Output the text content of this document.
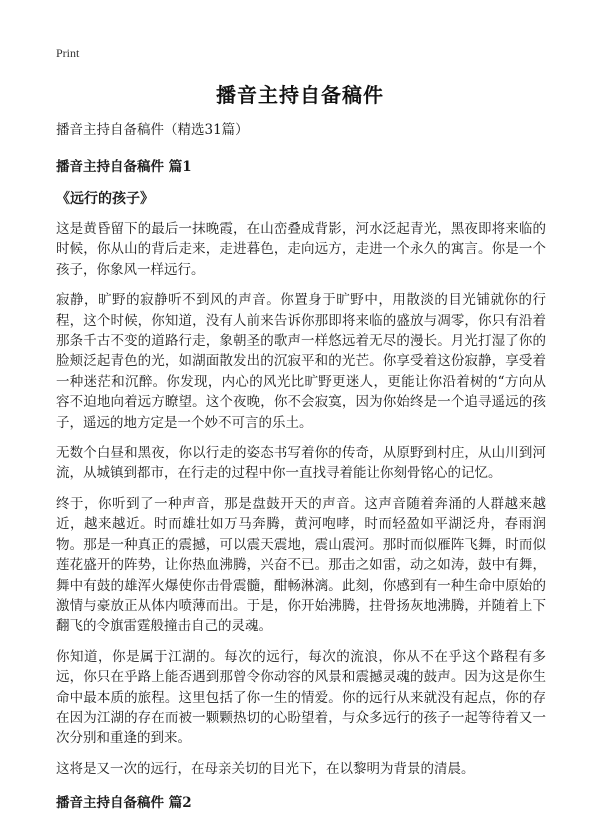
Print
播音主持自备稿件
播音主持自备稿件（精选31篇）
播音主持自备稿件 篇1
《远行的孩子》

这是黄昏留下的最后一抹晚霞，在山峦叠成背影，河水泛起青光，黑夜即将来临的时候，你从山的背后走来，走进暮色，走向远方，走进一个永久的寓言。你是一个孩子，你象风一样远行。

寂静，旷野的寂静听不到风的声音。你置身于旷野中，用散淡的目光铺就你的行程，这个时候，你知道，没有人前来告诉你那即将来临的盛放与凋零，你只有沿着那条千古不变的道路行走，象朝圣的歌声一样悠远着无尽的漫长。月光打湿了你的脸颊泛起青色的光，如湖面散发出的沉寂平和的光芒。你享受着这份寂静，享受着一种迷茫和沉醉。你发现，内心的风光比旷野更迷人，更能让你沿着树的“方向从容不迫地向着远方瞭望。这个夜晚，你不会寂寞，因为你始终是一个追寻遥远的孩子，遥远的地方定是一个妙不可言的乐土。

无数个白昼和黑夜，你以行走的姿态书写着你的传奇，从原野到村庄，从山川到河流，从城镇到都市，在行走的过程中你一直找寻着能让你刻骨铭心的记忆。

终于，你听到了一种声音，那是盘鼓开天的声音。这声音随着奔涌的人群越来越近，越来越近。时而雄壮如万马奔腾，黄河咆哮，时而轻盈如平湖泛舟，春雨润物。那是一种真正的震撼，可以震天震地，震山震河。那时而似雁阵飞舞，时而似莲花盛开的阵势，让你热血沸腾，兴奋不已。那击之如雷，动之如涛，鼓中有舞，舞中有鼓的雄浑火爆使你击骨震髓，酣畅淋漓。此刻，你感到有一种生命中原始的激情与豪放正从体内喷薄而出。于是，你开始沸腾，拄骨扬灰地沸腾，并随着上下翻飞的令旗雷霆般撞击自己的灵魂。

你知道，你是属于江湖的。每次的远行，每次的流浪，你从不在乎这个路程有多远，你只在乎路上能否遇到那曾令你动容的风景和震撼灵魂的鼓声。因为这是你生命中最本质的旅程。这里包括了你一生的情爱。你的远行从来就没有起点，你的存在因为江湖的存在而被一颗颗热切的心盼望着，与众多远行的孩子一起等待着又一次分别和重逢的到来。

这将是又一次的远行，在母亲关切的目光下，在以黎明为背景的清晨。

播音主持自备稿件 篇2
